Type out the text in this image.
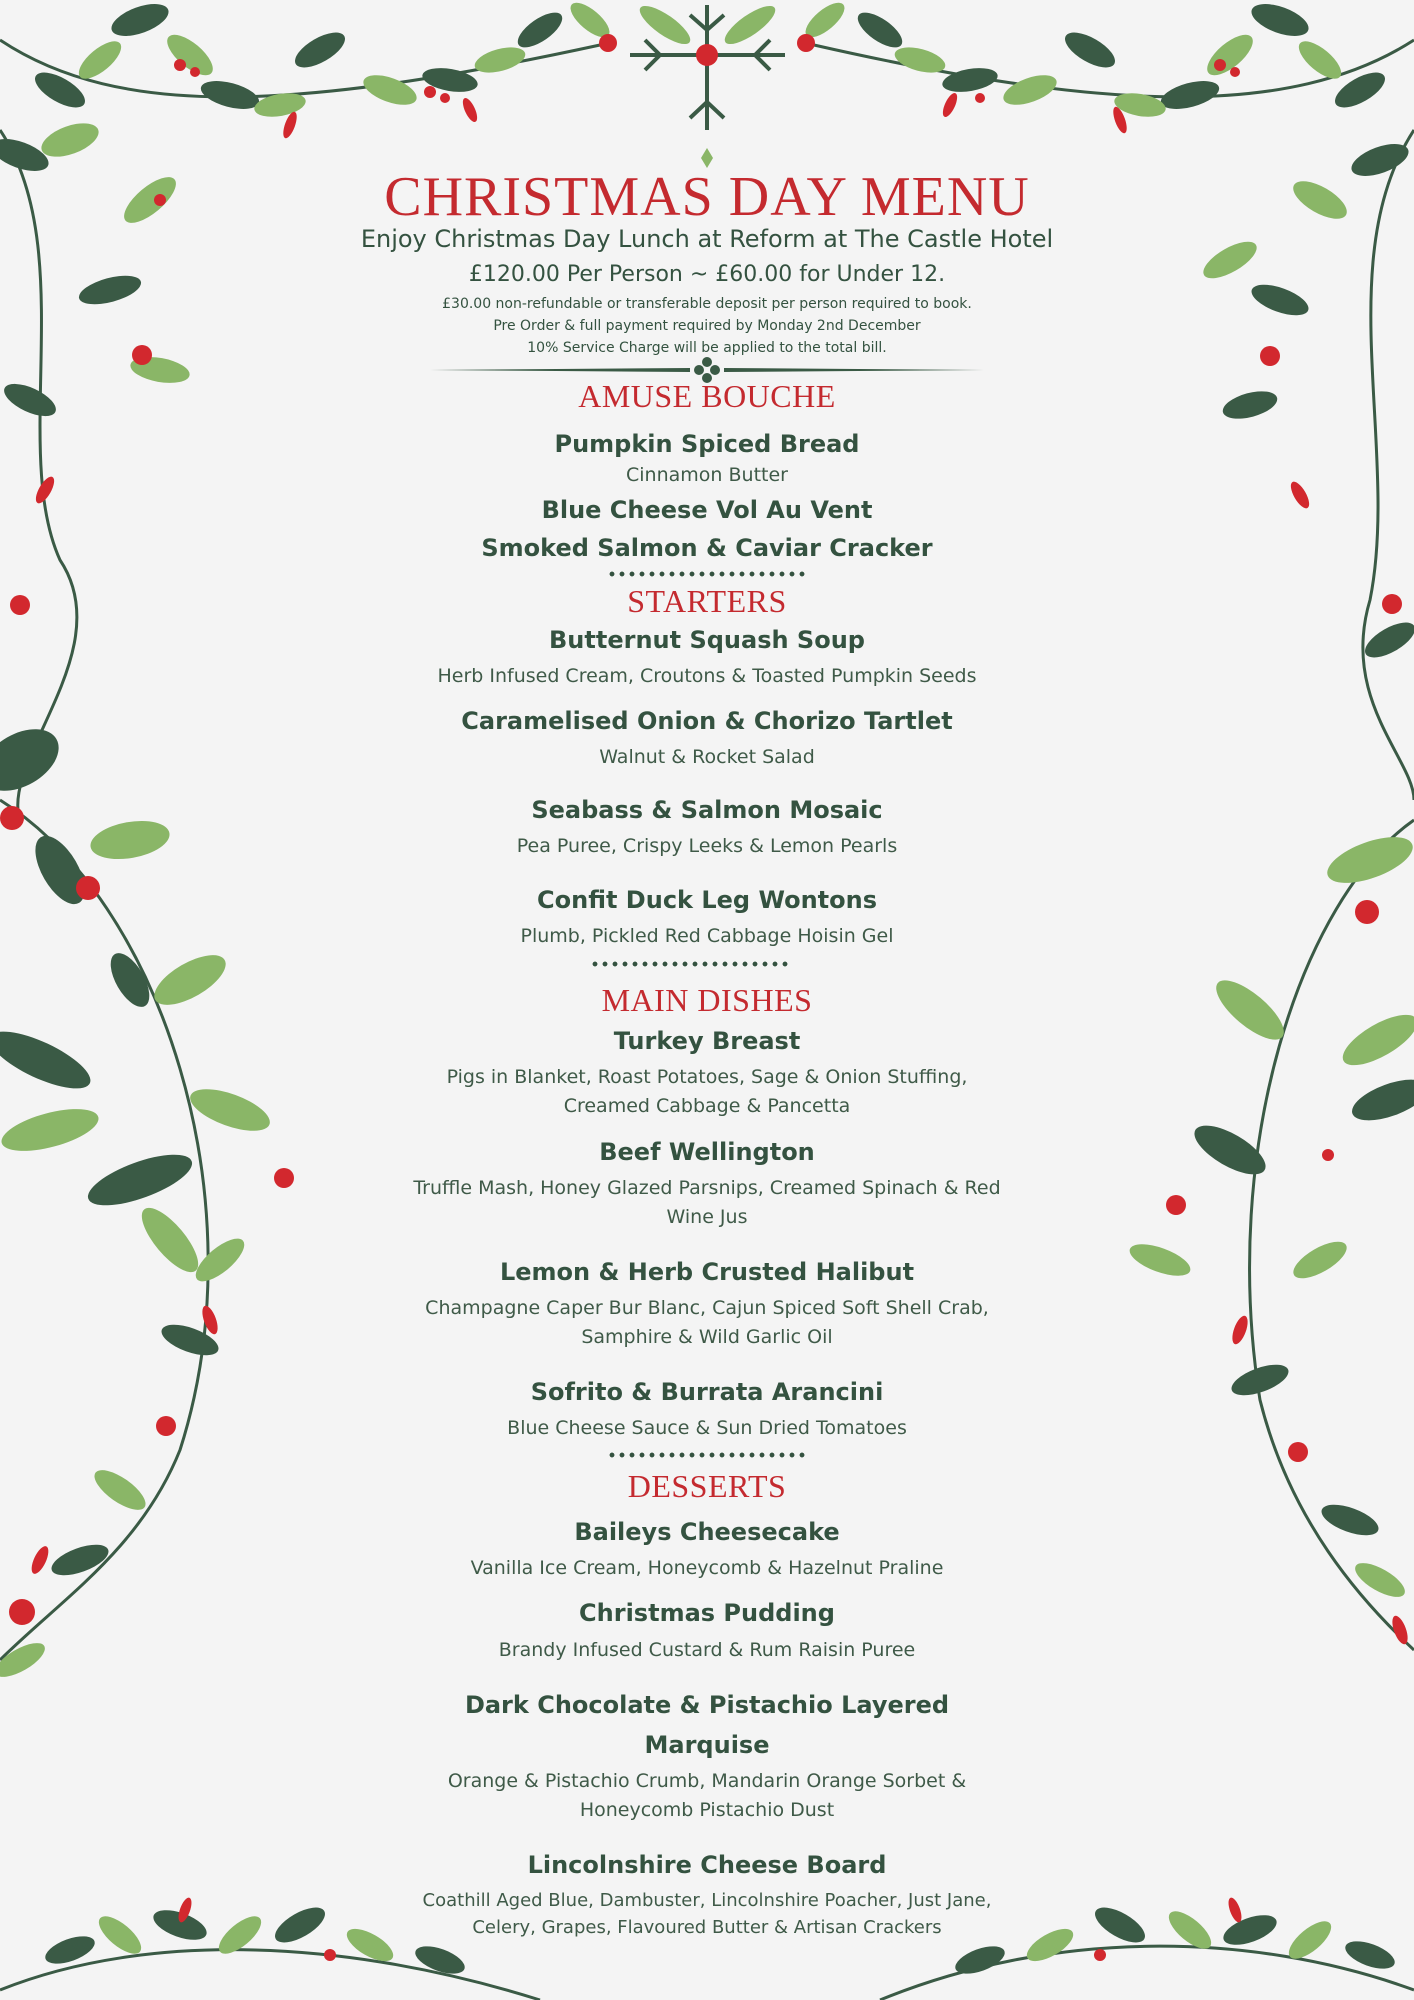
CHRISTMAS DAY MENU
Enjoy Christmas Day Lunch at Reform at The Castle Hotel
£120.00 Per Person ~ £60.00 for Under 12.
£30.00 non-refundable or transferable deposit per person required to book.
Pre Order & full payment required by Monday 2nd December
10% Service Charge will be applied to the total bill.
AMUSE BOUCHE
Pumpkin Spiced Bread
Cinnamon Butter
Blue Cheese Vol Au Vent
Smoked Salmon & Caviar Cracker
STARTERS
Butternut Squash Soup
Herb Infused Cream, Croutons & Toasted Pumpkin Seeds
Caramelised Onion & Chorizo Tartlet
Walnut & Rocket Salad
Seabass & Salmon Mosaic
Pea Puree, Crispy Leeks & Lemon Pearls
Confit Duck Leg Wontons
Plumb, Pickled Red Cabbage Hoisin Gel
MAIN DISHES
Turkey Breast
Pigs in Blanket, Roast Potatoes, Sage & Onion Stuffing,
Creamed Cabbage & Pancetta
Beef Wellington
Truffle Mash, Honey Glazed Parsnips, Creamed Spinach & Red
Wine Jus
Lemon & Herb Crusted Halibut
Champagne Caper Bur Blanc, Cajun Spiced Soft Shell Crab,
Samphire & Wild Garlic Oil
Sofrito & Burrata Arancini
Blue Cheese Sauce & Sun Dried Tomatoes
DESSERTS
Baileys Cheesecake
Vanilla Ice Cream, Honeycomb & Hazelnut Praline
Christmas Pudding
Brandy Infused Custard & Rum Raisin Puree
Dark Chocolate & Pistachio Layered
Marquise
Orange & Pistachio Crumb, Mandarin Orange Sorbet &
Honeycomb Pistachio Dust
Lincolnshire Cheese Board
Coathill Aged Blue, Dambuster, Lincolnshire Poacher, Just Jane,
Celery, Grapes, Flavoured Butter & Artisan Crackers
